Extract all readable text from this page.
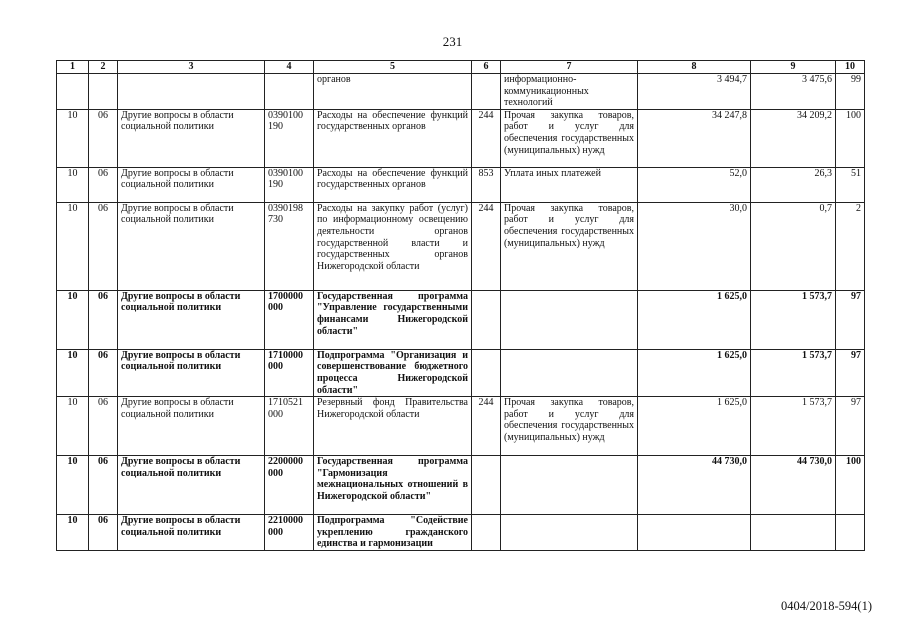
231
1	2	3	4	5	6	7	8	9	10
				органов		информационно-коммуникационных технологий	3 494,7	3 475,6	99
10	06	Другие вопросы в области социальной политики	0390100 190	Расходы на обеспечение функций государственных органов	244	Прочая закупка товаров, работ и услуг для обеспечения государственных (муниципальных) нужд	34 247,8	34 209,2	100
10	06	Другие вопросы в области социальной политики	0390100 190	Расходы на обеспечение функций государственных органов	853	Уплата иных платежей	52,0	26,3	51
10	06	Другие вопросы в области социальной политики	0390198 730	Расходы на закупку работ (услуг) по информационному освещению деятельности органов государственной власти и государственных органов Нижегородской области	244	Прочая закупка товаров, работ и услуг для обеспечения государственных (муниципальных) нужд	30,0	0,7	2
10	06	Другие вопросы в области социальной политики	1700000 000	Государственная программа "Управление государственными финансами Нижегородской области"			1 625,0	1 573,7	97
10	06	Другие вопросы в области социальной политики	1710000 000	Подпрограмма "Организация и совершенствование бюджетного процесса Нижегородской области"			1 625,0	1 573,7	97
10	06	Другие вопросы в области социальной политики	1710521 000	Резервный фонд Правительства Нижегородской области	244	Прочая закупка товаров, работ и услуг для обеспечения государственных (муниципальных) нужд	1 625,0	1 573,7	97
10	06	Другие вопросы в области социальной политики	2200000 000	Государственная программа "Гармонизация межнациональных отношений в Нижегородской области"			44 730,0	44 730,0	100
10	06	Другие вопросы в области социальной политики	2210000 000	Подпрограмма "Содействие укреплению гражданского единства и гармонизации					
0404/2018-594(1)
